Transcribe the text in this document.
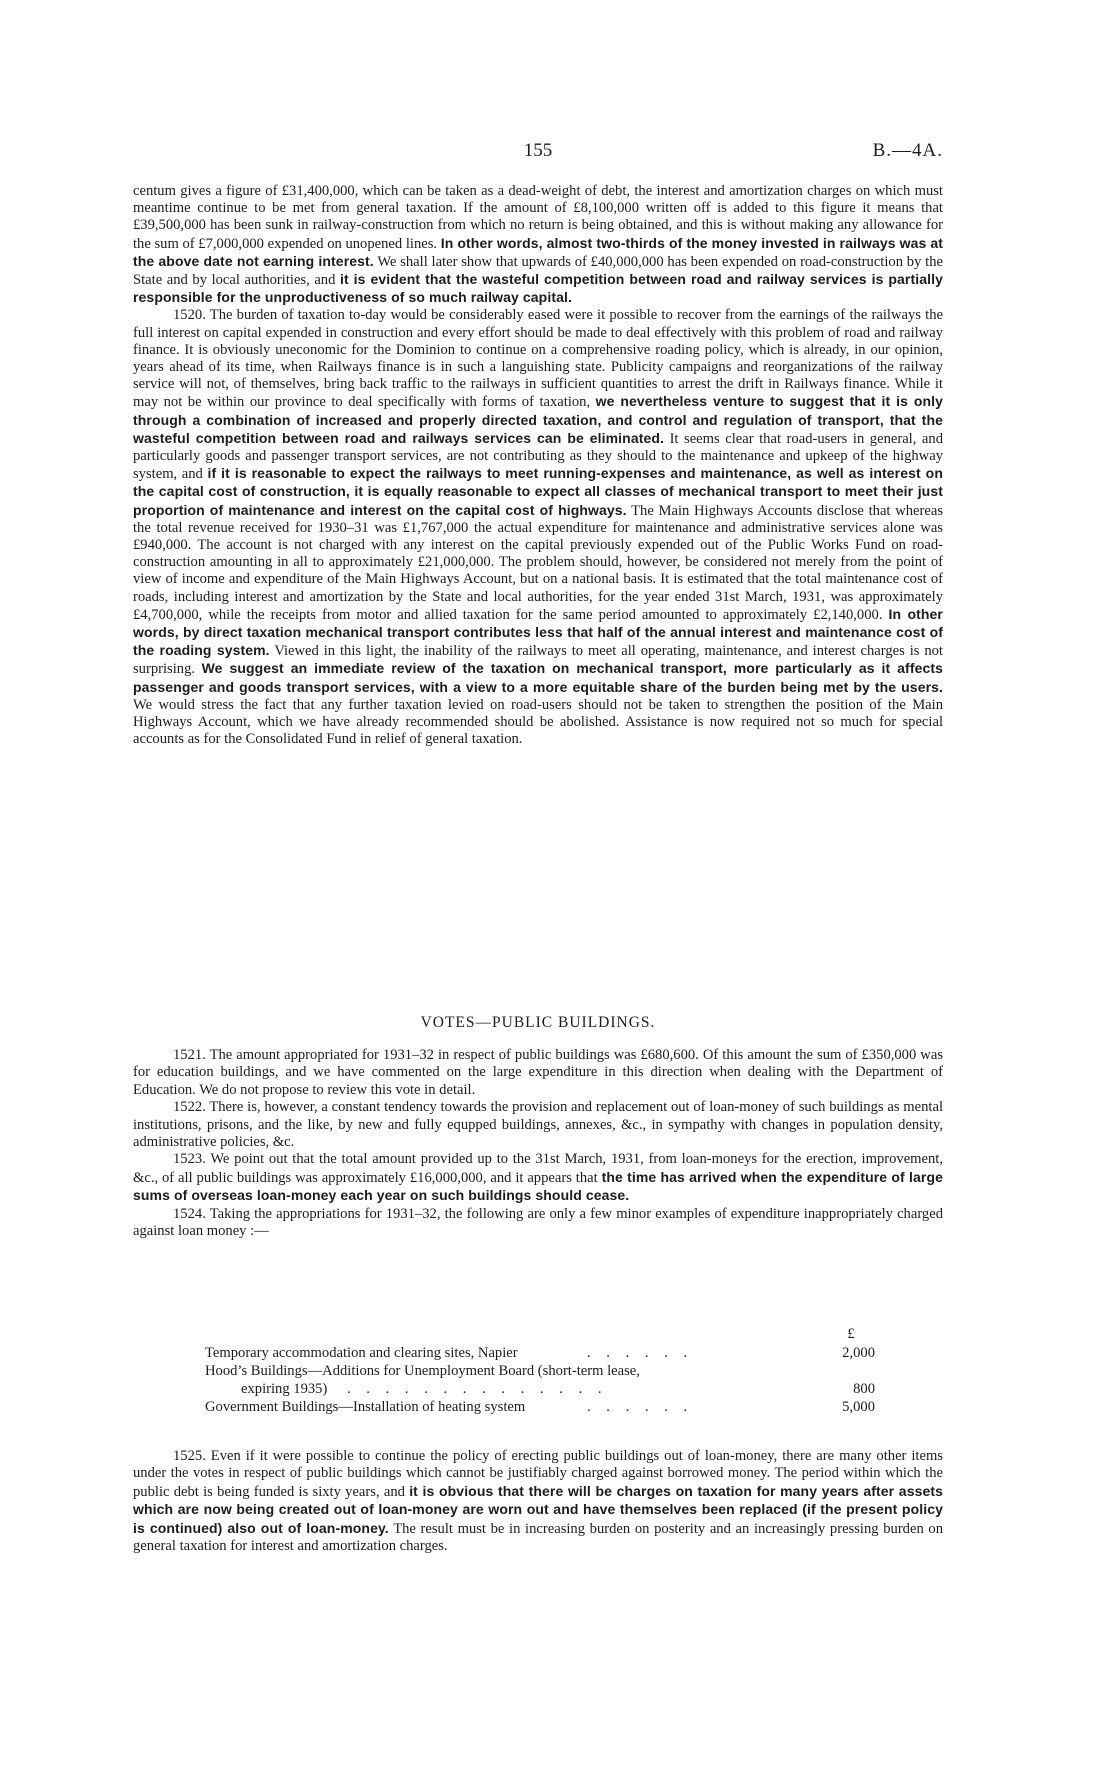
155	B.—4A.

centum gives a figure of £31,400,000, which can be taken as a dead-weight of debt, the interest and amortization charges on which must meantime continue to be met from general taxation. If the amount of £8,100,000 written off is added to this figure it means that £39,500,000 has been sunk in railway-construction from which no return is being obtained, and this is without making any allowance for the sum of £7,000,000 expended on unopened lines. In other words, almost two-thirds of the money invested in railways was at the above date not earning interest. We shall later show that upwards of £40,000,000 has been expended on road-construction by the State and by local authorities, and it is evident that the wasteful competition between road and railway services is partially responsible for the unproductiveness of so much railway capital.

1520. The burden of taxation to-day would be considerably eased were it possible to recover from the earnings of the railways the full interest on capital expended in construction and every effort should be made to deal effectively with this problem of road and railway finance. It is obviously uneconomic for the Dominion to continue on a comprehensive roading policy, which is already, in our opinion, years ahead of its time, when Railways finance is in such a languishing state. Publicity campaigns and reorganizations of the railway service will not, of themselves, bring back traffic to the railways in sufficient quantities to arrest the drift in Railways finance. While it may not be within our province to deal specifically with forms of taxation, we nevertheless venture to suggest that it is only through a combination of increased and properly directed taxation, and control and regulation of transport, that the wasteful competition between road and railways services can be eliminated. It seems clear that road-users in general, and particularly goods and passenger transport services, are not contributing as they should to the maintenance and upkeep of the highway system, and if it is reasonable to expect the railways to meet running-expenses and maintenance, as well as interest on the capital cost of construction, it is equally reasonable to expect all classes of mechanical transport to meet their just proportion of maintenance and interest on the capital cost of highways. The Main Highways Accounts disclose that whereas the total revenue received for 1930–31 was £1,767,000 the actual expenditure for maintenance and administrative services alone was £940,000. The account is not charged with any interest on the capital previously expended out of the Public Works Fund on road-construction amounting in all to approximately £21,000,000. The problem should, however, be considered not merely from the point of view of income and expenditure of the Main Highways Account, but on a national basis. It is estimated that the total maintenance cost of roads, including interest and amortization by the State and local authorities, for the year ended 31st March, 1931, was approximately £4,700,000, while the receipts from motor and allied taxation for the same period amounted to approximately £2,140,000. In other words, by direct taxation mechanical transport contributes less that half of the annual interest and maintenance cost of the roading system. Viewed in this light, the inability of the railways to meet all operating, maintenance, and interest charges is not surprising. We suggest an immediate review of the taxation on mechanical transport, more particularly as it affects passenger and goods transport services, with a view to a more equitable share of the burden being met by the users. We would stress the fact that any further taxation levied on road-users should not be taken to strengthen the position of the Main Highways Account, which we have already recommended should be abolished. Assistance is now required not so much for special accounts as for the Consolidated Fund in relief of general taxation.

VOTES—PUBLIC BUILDINGS.

1521. The amount appropriated for 1931–32 in respect of public buildings was £680,600. Of this amount the sum of £350,000 was for education buildings, and we have commented on the large expenditure in this direction when dealing with the Department of Education. We do not propose to review this vote in detail.

1522. There is, however, a constant tendency towards the provision and replacement out of loan-money of such buildings as mental institutions, prisons, and the like, by new and fully equpped buildings, annexes, &c., in sympathy with changes in population density, administrative policies, &c.

1523. We point out that the total amount provided up to the 31st March, 1931, from loan-moneys for the erection, improvement, &c., of all public buildings was approximately £16,000,000, and it appears that the time has arrived when the expenditure of large sums of overseas loan-money each year on such buildings should cease.

1524. Taking the appropriations for 1931–32, the following are only a few minor examples of expenditure inappropriately charged against loan money :—

£
Temporary accommodation and clearing sites, Napier	. . . . . .	2,000
Hood’s Buildings—Additions for Unemployment Board (short-term lease,
expiring 1935) . . . . . . . . . . . . . .	800
Government Buildings—Installation of heating system	. . . . . .	5,000

1525. Even if it were possible to continue the policy of erecting public buildings out of loan-money, there are many other items under the votes in respect of public buildings which cannot be justifiably charged against borrowed money. The period within which the public debt is being funded is sixty years, and it is obvious that there will be charges on taxation for many years after assets which are now being created out of loan-money are worn out and have themselves been replaced (if the present policy is continued) also out of loan-money. The result must be in increasing burden on posterity and an increasingly pressing burden on general taxation for interest and amortization charges.
